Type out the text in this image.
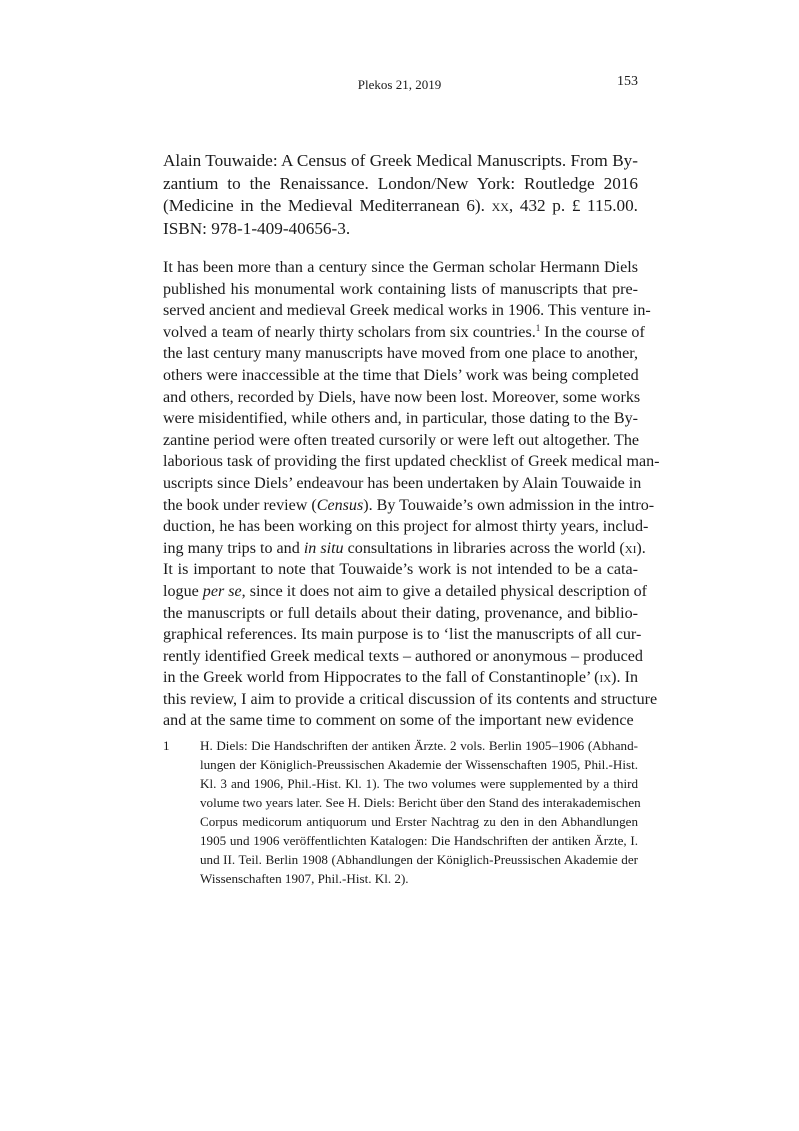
Plekos 21, 2019	153
Alain Touwaide: A Census of Greek Medical Manuscripts. From By-
zantium to the Renaissance. London/New York: Routledge 2016
(Medicine in the Medieval Mediterranean 6). xx, 432 p. £ 115.00.
ISBN: 978-1-409-40656-3.
It has been more than a century since the German scholar Hermann Diels
published his monumental work containing lists of manuscripts that pre-
served ancient and medieval Greek medical works in 1906. This venture in-
volved a team of nearly thirty scholars from six countries.$^1$ In the course of
the last century many manuscripts have moved from one place to another,
others were inaccessible at the time that Diels’ work was being completed
and others, recorded by Diels, have now been lost. Moreover, some works
were misidentified, while others and, in particular, those dating to the By-
zantine period were often treated cursorily or were left out altogether. The
laborious task of providing the first updated checklist of Greek medical man-
uscripts since Diels’ endeavour has been undertaken by Alain Touwaide in
the book under review (Census). By Touwaide’s own admission in the intro-
duction, he has been working on this project for almost thirty years, includ-
ing many trips to and in situ consultations in libraries across the world (xi).
It is important to note that Touwaide’s work is not intended to be a cata-
logue per se, since it does not aim to give a detailed physical description of
the manuscripts or full details about their dating, provenance, and biblio-
graphical references. Its main purpose is to ‘list the manuscripts of all cur-
rently identified Greek medical texts – authored or anonymous – produced
in the Greek world from Hippocrates to the fall of Constantinople’ (ix). In
this review, I aim to provide a critical discussion of its contents and structure
and at the same time to comment on some of the important new evidence
1 H. Diels: Die Handschriften der antiken Ärzte. 2 vols. Berlin 1905–1906 (Abhand-
lungen der Königlich-Preussischen Akademie der Wissenschaften 1905, Phil.-Hist.
Kl. 3 and 1906, Phil.-Hist. Kl. 1). The two volumes were supplemented by a third
volume two years later. See H. Diels: Bericht über den Stand des interakademischen
Corpus medicorum antiquorum und Erster Nachtrag zu den in den Abhandlungen
1905 und 1906 veröffentlichten Katalogen: Die Handschriften der antiken Ärzte, I.
und II. Teil. Berlin 1908 (Abhandlungen der Königlich-Preussischen Akademie der
Wissenschaften 1907, Phil.-Hist. Kl. 2).
